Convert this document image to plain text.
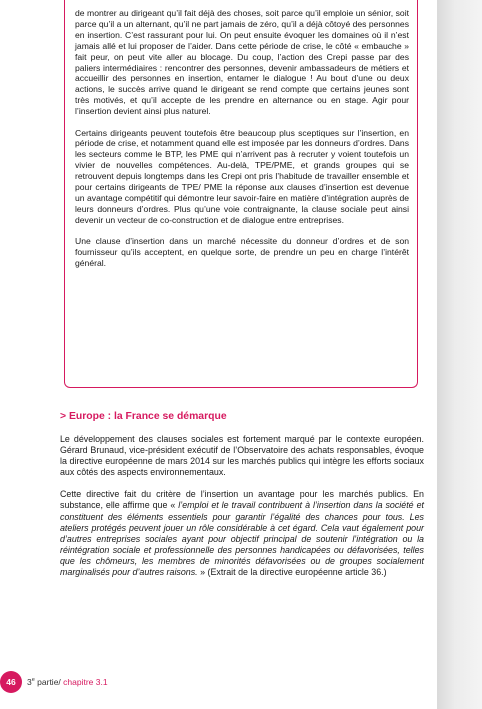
de montrer au dirigeant qu’il fait déjà des choses, soit parce qu’il emploie un sénior, soit parce qu’il a un alternant, qu’il ne part jamais de zéro, qu’il a déjà côtoyé des personnes en insertion. C’est rassurant pour lui. On peut ensuite évoquer les domaines où il n’est jamais allé et lui proposer de l’aider. Dans cette période de crise, le côté « embauche » fait peur, on peut vite aller au blocage. Du coup, l’action des Crepi passe par des paliers intermédiaires : rencontrer des personnes, devenir ambassadeurs de métiers et accueillir des personnes en insertion, entamer le dialogue ! Au bout d’une ou deux actions, le succès arrive quand le dirigeant se rend compte que certains jeunes sont très motivés, et qu’il accepte de les prendre en alternance ou en stage. Agir pour l’insertion devient ainsi plus naturel.

Certains dirigeants peuvent toutefois être beaucoup plus sceptiques sur l’insertion, en période de crise, et notamment quand elle est imposée par les donneurs d’ordres. Dans les secteurs comme le BTP, les PME qui n’arrivent pas à recruter y voient toutefois un vivier de nouvelles compétences. Au-delà, TPE/PME, et grands groupes qui se retrouvent depuis longtemps dans les Crepi ont pris l’habitude de travailler ensemble et pour certains dirigeants de TPE/ PME la réponse aux clauses d’insertion est devenue un avantage compétitif qui démontre leur savoir-faire en matière d’intégration auprès de leurs donneurs d’ordres. Plus qu’une voie contraignante, la clause sociale peut ainsi devenir un vecteur de co-construction et de dialogue entre entreprises.

Une clause d’insertion dans un marché nécessite du donneur d’ordres et de son fournisseur qu’ils acceptent, en quelque sorte, de prendre un peu en charge l’intérêt général.

> Europe : la France se démarque

Le développement des clauses sociales est fortement marqué par le contexte européen. Gérard Brunaud, vice-président exécutif de l’Observatoire des achats responsables, évoque la directive européenne de mars 2014 sur les marchés publics qui intègre les efforts sociaux aux côtés des aspects environnementaux.

Cette directive fait du critère de l’insertion un avantage pour les marchés publics. En substance, elle affirme que « l’emploi et le travail contribuent à l’insertion dans la société et constituent des éléments essentiels pour garantir l’égalité des chances pour tous. Les ateliers protégés peuvent jouer un rôle considérable à cet égard. Cela vaut également pour d’autres entreprises sociales ayant pour objectif principal de soutenir l’intégration ou la réintégration sociale et professionnelle des personnes handicapées ou défavorisées, telles que les chômeurs, les membres de minorités défavorisées ou de groupes socialement marginalisés pour d’autres raisons. » (Extrait de la directive européenne article 36.)

46	3e partie/ chapitre 3.1
